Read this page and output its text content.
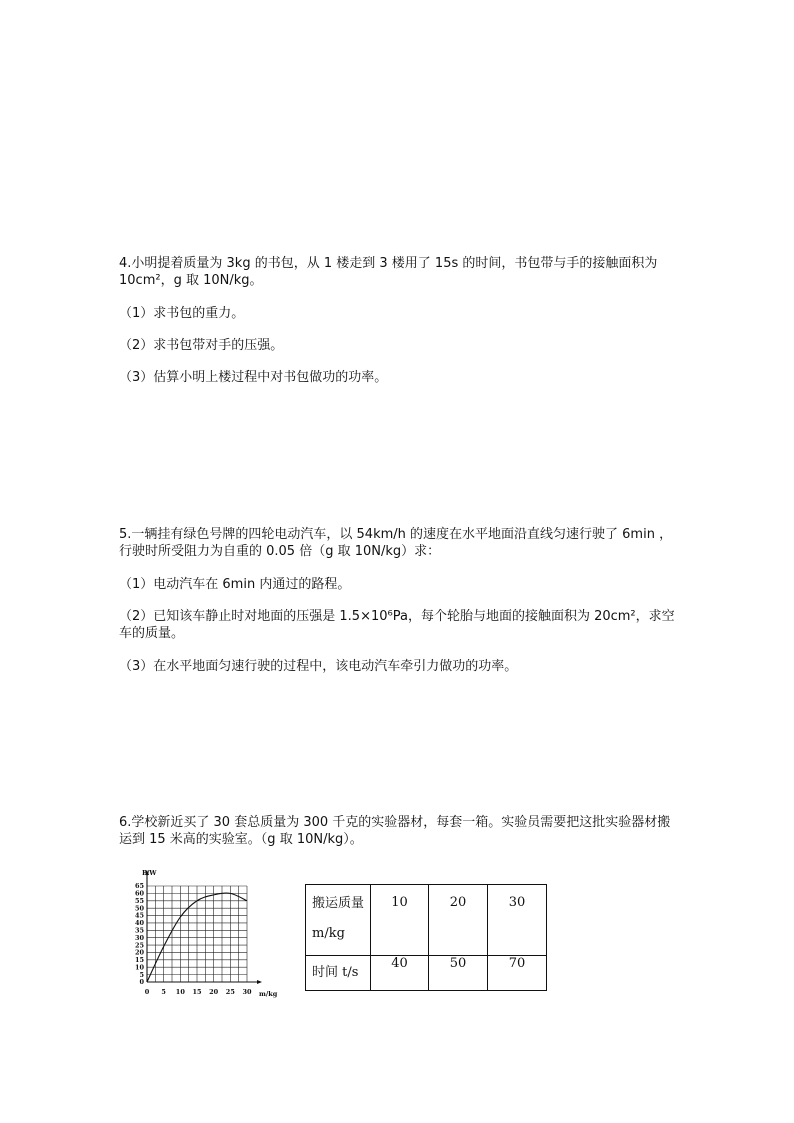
4.小明提着质量为 3kg 的书包，从 1 楼走到 3 楼用了 15s 的时间，书包带与手的接触面积为 10cm²，g 取 10N/kg。

（1）求书包的重力。

（2）求书包带对手的压强。

（3）估算小明上楼过程中对书包做功的功率。

5.一辆挂有绿色号牌的四轮电动汽车，以 54km/h 的速度在水平地面沿直线匀速行驶了 6min ，行驶时所受阻力为自重的 0.05 倍（g 取 10N/kg）求：

（1）电动汽车在 6min 内通过的路程。

（2）已知该车静止时对地面的压强是 1.5×10⁶Pa，每个轮胎与地面的接触面积为 20cm²，求空车的质量。

（3）在水平地面匀速行驶的过程中，该电动汽车牵引力做功的功率。

6.学校新近买了 30 套总质量为 300 千克的实验器材，每套一箱。实验员需要把这批实验器材搬运到 15 米高的实验室。（g 取 10N/kg）。

0
5
10
15
20
25
30
35
40
45
50
55
60
65
0 5 10 15 20 25 30
P/W
m/kg
搬运质量 m/kg	10	20	30
时间 t/s	40	50	70
